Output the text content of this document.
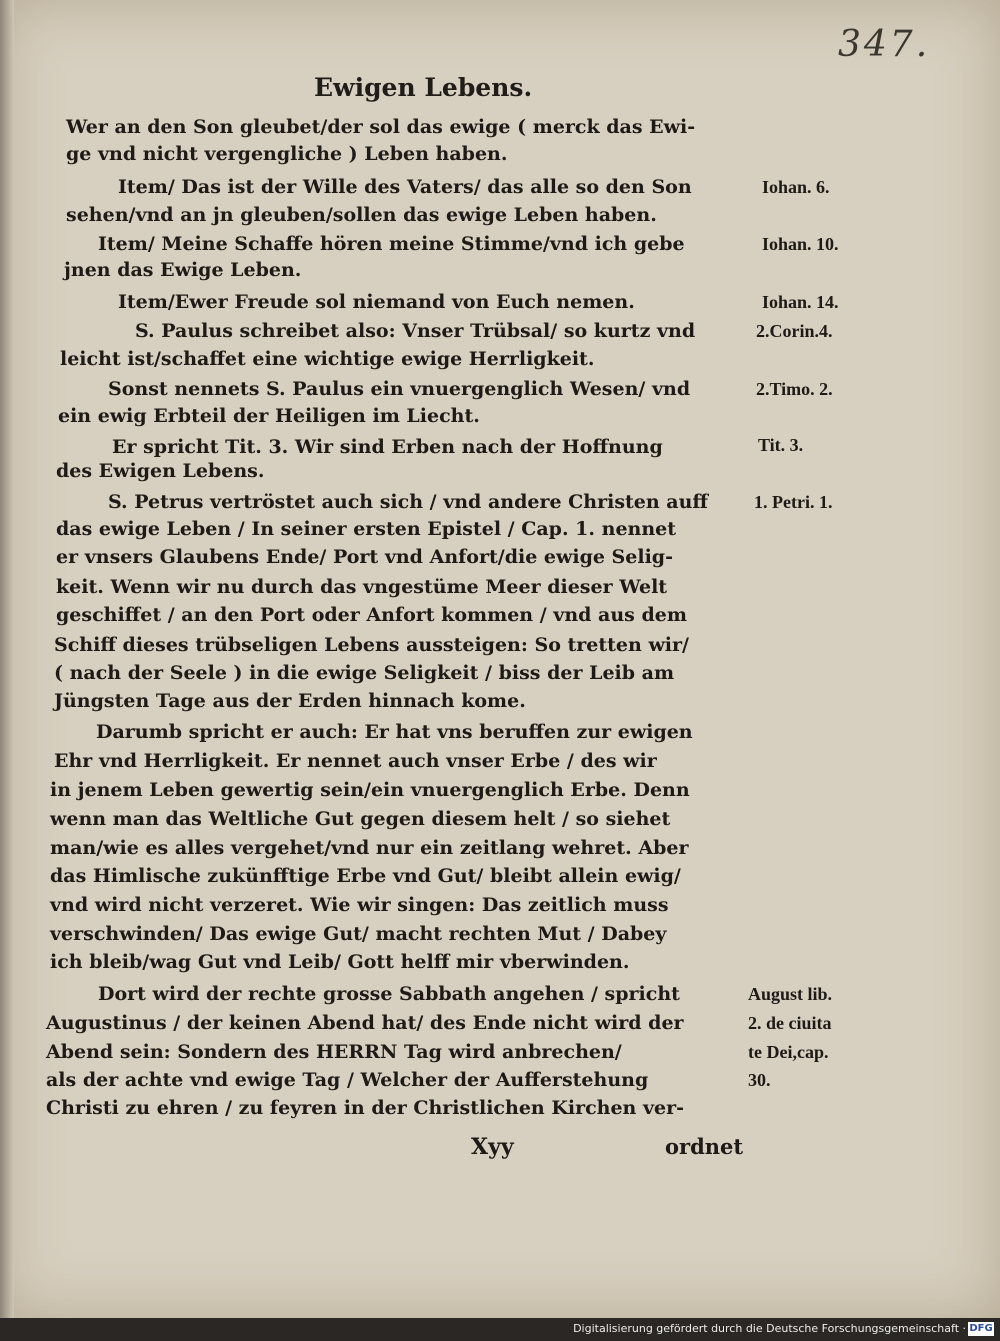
347.
Ewigen Lebens.
Wer an den Son gleubet/der sol das ewige ( merck das Ewi-
ge vnd nicht vergengliche ) Leben haben.
Item/ Das ist der Wille des Vaters/ das alle so den Son
sehen/vnd an jn gleuben/sollen das ewige Leben haben.
Item/ Meine Schaffe hören meine Stimme/vnd ich gebe
jnen das Ewige Leben.
Item/Ewer Freude sol niemand von Euch nemen.
S. Paulus schreibet also: Vnser Trübsal/ so kurtz vnd
leicht ist/schaffet eine wichtige ewige Herrligkeit.
Sonst nennets S. Paulus ein vnuergenglich Wesen/ vnd
ein ewig Erbteil der Heiligen im Liecht.
Er spricht Tit. 3. Wir sind Erben nach der Hoffnung
des Ewigen Lebens.
S. Petrus vertröstet auch sich / vnd andere Christen auff
das ewige Leben / In seiner ersten Epistel / Cap. 1. nennet
er vnsers Glaubens Ende/ Port vnd Anfort/die ewige Selig-
keit. Wenn wir nu durch das vngestüme Meer dieser Welt
geschiffet / an den Port oder Anfort kommen / vnd aus dem
Schiff dieses trübseligen Lebens aussteigen: So tretten wir/
( nach der Seele ) in die ewige Seligkeit / biss der Leib am
Jüngsten Tage aus der Erden hinnach kome.
Darumb spricht er auch: Er hat vns beruffen zur ewigen
Ehr vnd Herrligkeit. Er nennet auch vnser Erbe / des wir
in jenem Leben gewertig sein/ein vnuergenglich Erbe. Denn
wenn man das Weltliche Gut gegen diesem helt / so siehet
man/wie es alles vergehet/vnd nur ein zeitlang wehret. Aber
das Himlische zukünfftige Erbe vnd Gut/ bleibt allein ewig/
vnd wird nicht verzeret. Wie wir singen: Das zeitlich muss
verschwinden/ Das ewige Gut/ macht rechten Mut / Dabey
ich bleib/wag Gut vnd Leib/ Gott helff mir vberwinden.
Dort wird der rechte grosse Sabbath angehen / spricht
Augustinus / der keinen Abend hat/ des Ende nicht wird der
Abend sein: Sondern des HERRN Tag wird anbrechen/
als der achte vnd ewige Tag / Welcher der Aufferstehung
Christi zu ehren / zu feyren in der Christlichen Kirchen ver-
Iohan. 6.
Iohan. 10.
Iohan. 14.
2.Corin.4.
2.Timo. 2.
Tit. 3.
1. Petri. 1.
August lib.
2. de ciuita
te Dei,cap.
30.
Xyy	ordnet
Digitalisierung gefördert durch die Deutsche Forschungsgemeinschaft · DFG
